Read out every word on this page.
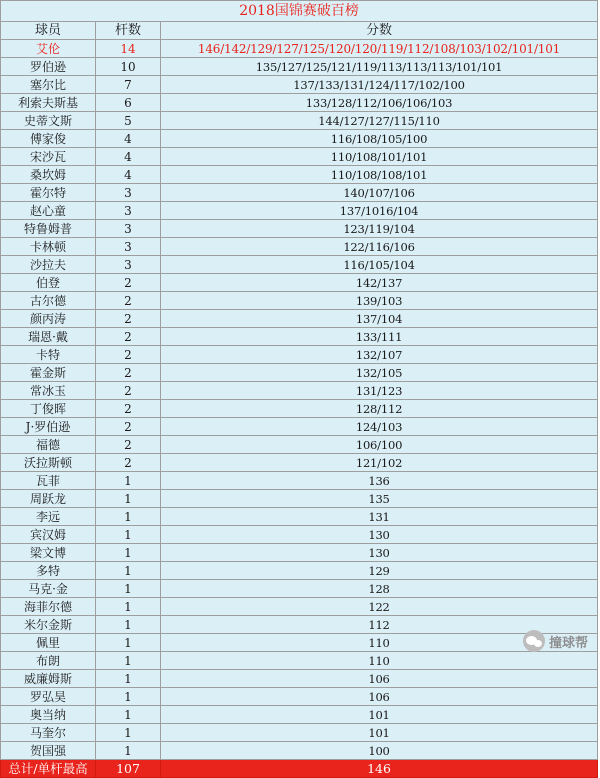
2018国锦赛破百榜		
球员	杆数	分数
艾伦	14	146/142/129/127/125/120/120/119/112/108/103/102/101/101
罗伯逊	10	135/127/125/121/119/113/113/113/101/101
塞尔比	7	137/133/131/124/117/102/100
利索夫斯基	6	133/128/112/106/106/103
史蒂文斯	5	144/127/127/115/110
傅家俊	4	116/108/105/100
宋沙瓦	4	110/108/101/101
桑坎姆	4	110/108/108/101
霍尔特	3	140/107/106
赵心童	3	137/1016/104
特鲁姆普	3	123/119/104
卡林顿	3	122/116/106
沙拉夫	3	116/105/104
伯登	2	142/137
古尔德	2	139/103
颜丙涛	2	137/104
瑞恩·戴	2	133/111
卡特	2	132/107
霍金斯	2	132/105
常冰玉	2	131/123
丁俊晖	2	128/112
J·罗伯逊	2	124/103
福德	2	106/100
沃拉斯顿	2	121/102
瓦菲	1	136
周跃龙	1	135
李远	1	131
宾汉姆	1	130
梁文博	1	130
多特	1	129
马克·金	1	128
海菲尔德	1	122
米尔金斯	1	112
佩里	1	110
布朗	1	110
威廉姆斯	1	106
罗弘昊	1	106
奥当纳	1	101
马奎尔	1	101
贺国强	1	100
总计/单杆最高	107	146
撞球帮
